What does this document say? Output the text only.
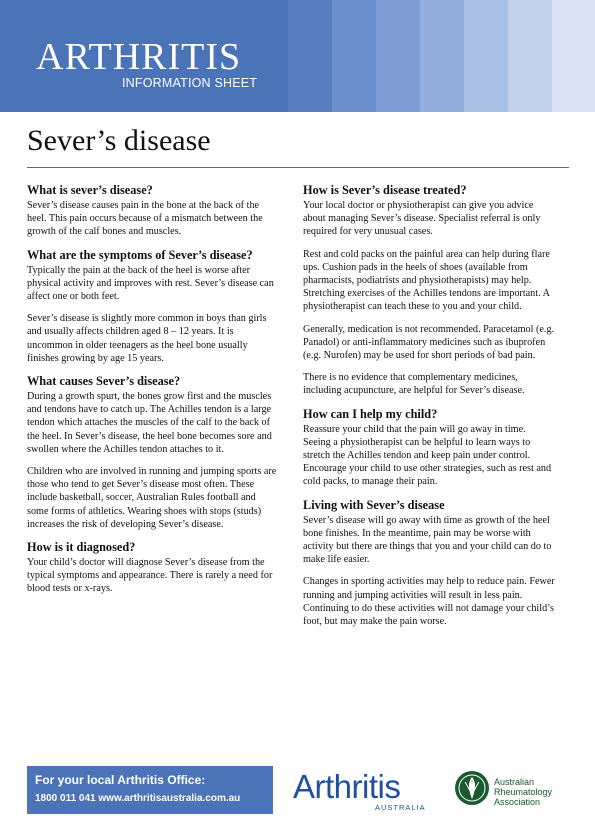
ARTHRITIS
INFORMATION SHEET
Sever’s disease
What is sever’s disease?

Sever’s disease causes pain in the bone at the back of the heel. This pain occurs because of a mismatch between the growth of the calf bones and muscles.

What are the symptoms of Sever’s disease?

Typically the pain at the back of the heel is worse after physical activity and improves with rest. Sever’s disease can affect one or both feet.

Sever’s disease is slightly more common in boys than girls and usually affects children aged 8 – 12 years. It is uncommon in older teenagers as the heel bone usually finishes growing by age 15 years.

What causes Sever’s disease?

During a growth spurt, the bones grow first and the muscles and tendons have to catch up. The Achilles tendon is a large tendon which attaches the muscles of the calf to the back of the heel. In Sever’s disease, the heel bone becomes sore and swollen where the Achilles tendon attaches to it.

Children who are involved in running and jumping sports are those who tend to get Sever’s disease most often. These include basketball, soccer, Australian Rules football and some forms of athletics. Wearing shoes with stops (studs) increases the risk of developing Sever’s disease.

How is it diagnosed?

Your child’s doctor will diagnose Sever’s disease from the typical symptoms and appearance. There is rarely a need for blood tests or x-rays.

How is Sever’s disease treated?

Your local doctor or physiotherapist can give you advice about managing Sever’s disease. Specialist referral is only required for very unusual cases.

Rest and cold packs on the painful area can help during flare ups. Cushion pads in the heels of shoes (available from pharmacists, podiatrists and physiotherapists) may help. Stretching exercises of the Achilles tendons are important. A physiotherapist can teach these to you and your child.

Generally, medication is not recommended. Paracetamol (e.g. Panadol) or anti-inflammatory medicines such as ibuprofen (e.g. Nurofen) may be used for short periods of bad pain.

There is no evidence that complementary medicines, including acupuncture, are helpful for Sever’s disease.

How can I help my child?

Reassure your child that the pain will go away in time. Seeing a physiotherapist can be helpful to learn ways to stretch the Achilles tendon and keep pain under control. Encourage your child to use other strategies, such as rest and cold packs, to manage their pain.

Living with Sever’s disease

Sever’s disease will go away with time as growth of the heel bone finishes. In the meantime, pain may be worse with activity but there are things that you and your child can do to make life easier.

Changes in sporting activities may help to reduce pain. Fewer running and jumping activities will result in less pain. Continuing to do these activities will not damage your child’s foot, but may make the pain worse.

For your local Arthritis Office:
1800 011 041 www.arthritisaustralia.com.au Arthritis
AUSTRALIA
Australian
Rheumatology
Association
